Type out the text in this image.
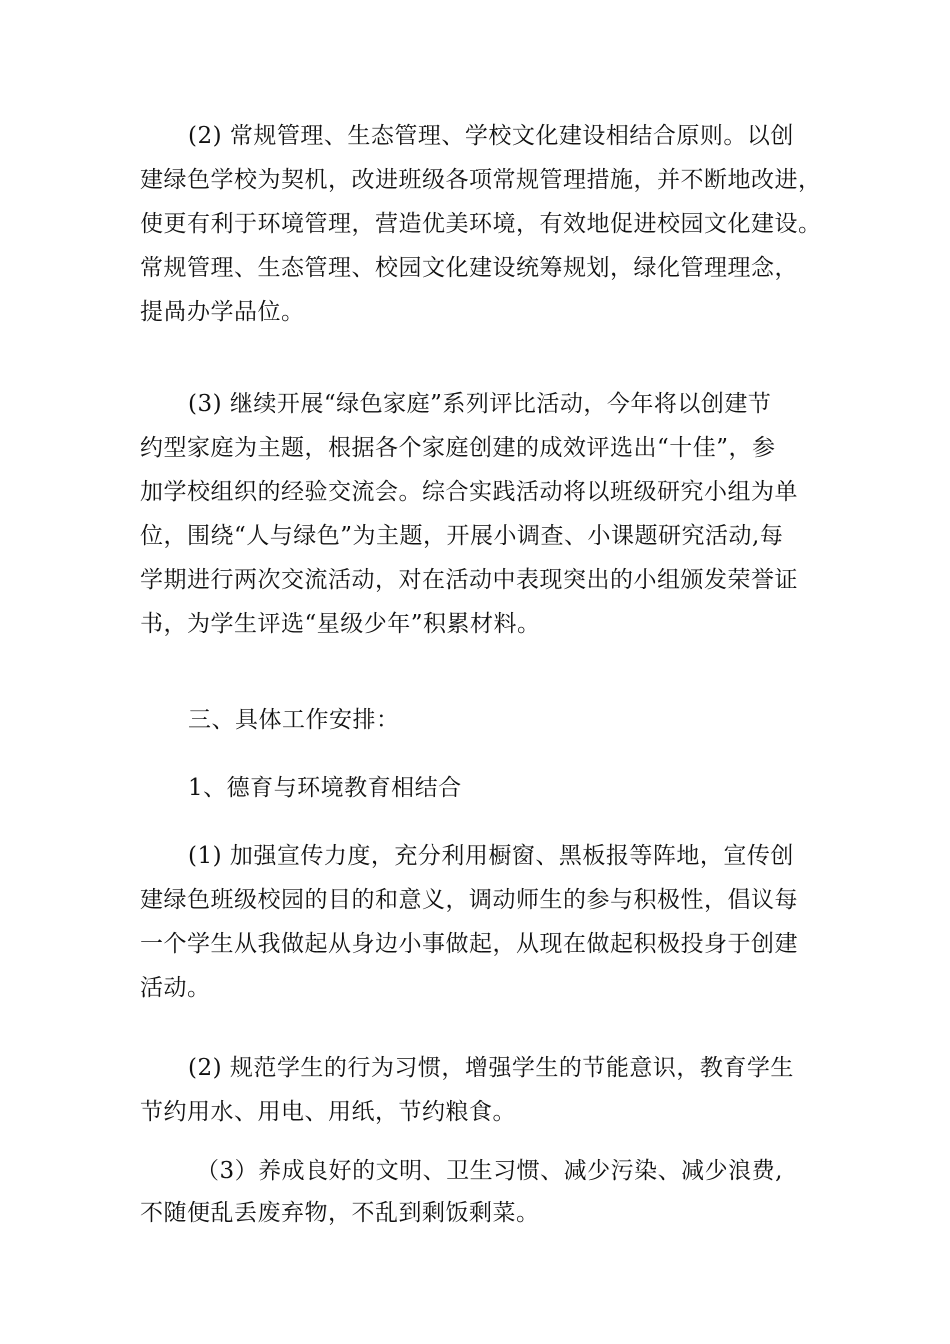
(2) 常规管理、生态管理、学校文化建设相结合原则。以创
建绿色学校为契机，改进班级各项常规管理措施，并不断地改进，
使更有利于环境管理，营造优美环境，有效地促进校园文化建设。
常规管理、生态管理、校园文化建设统筹规划，绿化管理理念，
提咼办学品位。
(3) 继续开展“绿色家庭”系列评比活动，今年将以创建节
约型家庭为主题，根据各个家庭创建的成效评选出“十佳”，参
加学校组织的经验交流会。综合实践活动将以班级研究小组为单
位，围绕“人与绿色”为主题，开展小调查、小课题研究活动,每
学期进行两次交流活动，对在活动中表现突出的小组颁发荣誉证
书，为学生评选“星级少年”积累材料。
三、具体工作安排：
1、德育与环境教育相结合
(1) 加强宣传力度，充分利用橱窗、黑板报等阵地，宣传创
建绿色班级校园的目的和意义，调动师生的参与积极性，倡议每
一个学生从我做起从身边小事做起，从现在做起积极投身于创建
活动。
(2) 规范学生的行为习惯，增强学生的节能意识，教育学生
节约用水、用电、用纸，节约粮食。
（3）养成良好的文明、卫生习惯、减少污染、减少浪费,
不随便乱丢废弃物，不乱到剩饭剩菜。
